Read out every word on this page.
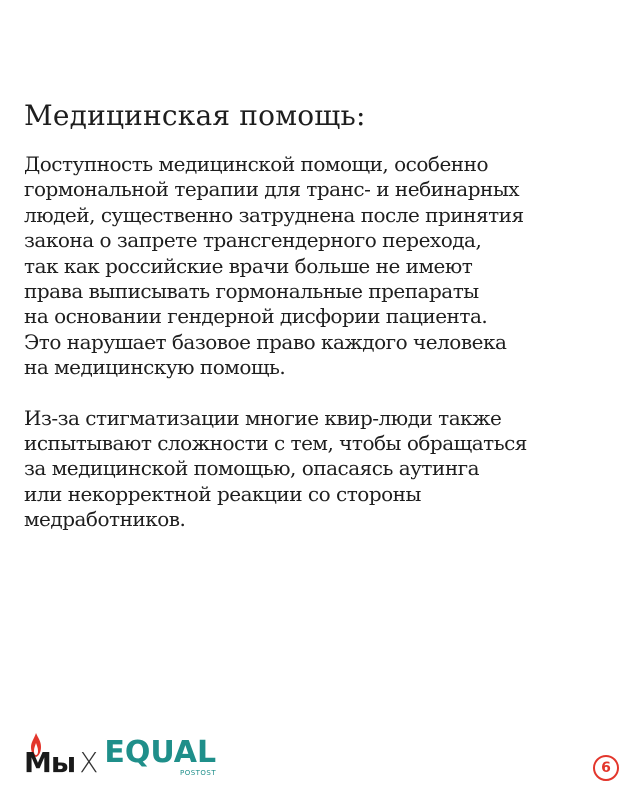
Медицинская помощь:

Доступность медицинской помощи, особенно
гормональной терапии для транс- и небинарных
людей, существенно затруднена после принятия
закона о запрете трансгендерного перехода,
так как российские врачи больше не имеют
права выписывать гормональные препараты
на основании гендерной дисфории пациента.
Это нарушает базовое право каждого человека
на медицинскую помощь.

Из-за стигматизации многие квир-люди также
испытывают сложности с тем, чтобы обращаться
за медицинской помощью, опасаясь аутинга
или некорректной реакции со стороны
медработников.

Мы X EQUAL
POSTOST	6
